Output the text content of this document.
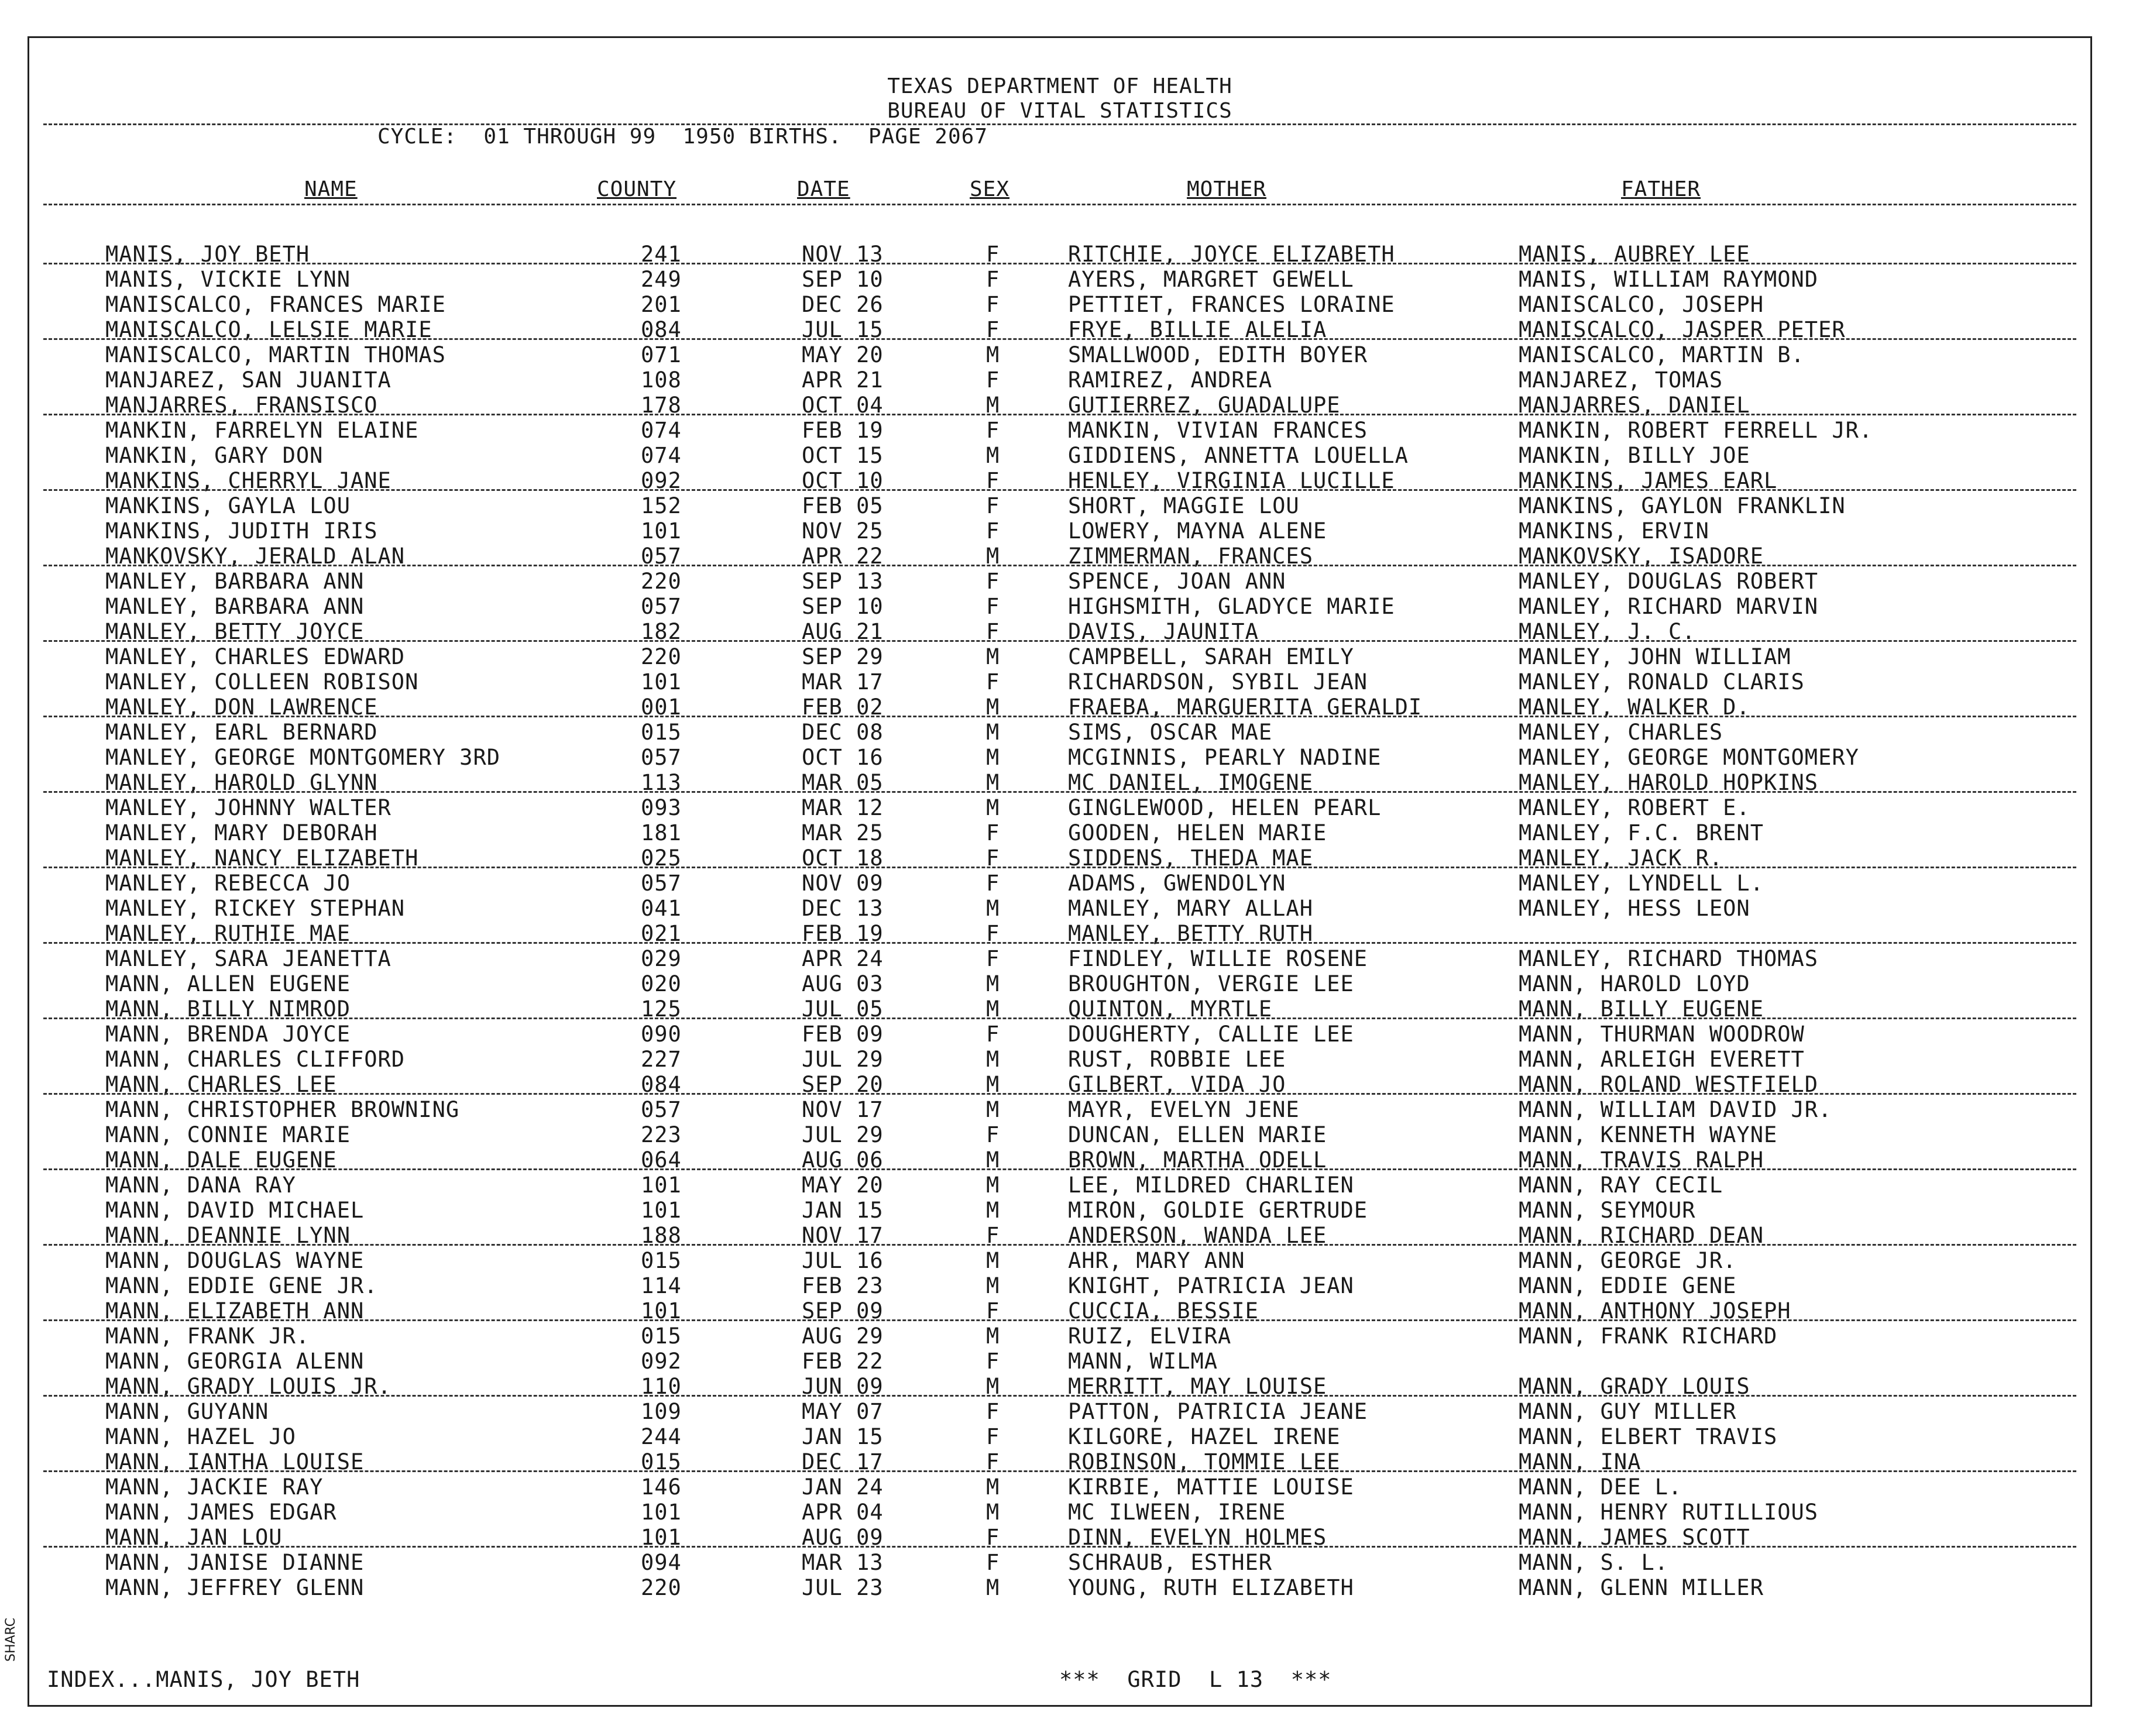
TEXAS DEPARTMENT OF HEALTH
BUREAU OF VITAL STATISTICS
CYCLE:  01 THROUGH 99  1950 BIRTHS.  PAGE 2067
NAME	COUNTY	DATE	SEX	MOTHER	FATHER
MANIS, JOY BETH	241	NOV 13	F	RITCHIE, JOYCE ELIZABETH	MANIS, AUBREY LEE
MANIS, VICKIE LYNN	249	SEP 10	F	AYERS, MARGRET GEWELL	MANIS, WILLIAM RAYMOND
MANISCALCO, FRANCES MARIE	201	DEC 26	F	PETTIET, FRANCES LORAINE	MANISCALCO, JOSEPH
MANISCALCO, LELSIE MARIE	084	JUL 15	F	FRYE, BILLIE ALELIA	MANISCALCO, JASPER PETER
MANISCALCO, MARTIN THOMAS	071	MAY 20	M	SMALLWOOD, EDITH BOYER	MANISCALCO, MARTIN B.
MANJAREZ, SAN JUANITA	108	APR 21	F	RAMIREZ, ANDREA	MANJAREZ, TOMAS
MANJARRES, FRANSISCO	178	OCT 04	M	GUTIERREZ, GUADALUPE	MANJARRES, DANIEL
MANKIN, FARRELYN ELAINE	074	FEB 19	F	MANKIN, VIVIAN FRANCES	MANKIN, ROBERT FERRELL JR.
MANKIN, GARY DON	074	OCT 15	M	GIDDIENS, ANNETTA LOUELLA	MANKIN, BILLY JOE
MANKINS, CHERRYL JANE	092	OCT 10	F	HENLEY, VIRGINIA LUCILLE	MANKINS, JAMES EARL
MANKINS, GAYLA LOU	152	FEB 05	F	SHORT, MAGGIE LOU	MANKINS, GAYLON FRANKLIN
MANKINS, JUDITH IRIS	101	NOV 25	F	LOWERY, MAYNA ALENE	MANKINS, ERVIN
MANKOVSKY, JERALD ALAN	057	APR 22	M	ZIMMERMAN, FRANCES	MANKOVSKY, ISADORE
MANLEY, BARBARA ANN	220	SEP 13	F	SPENCE, JOAN ANN	MANLEY, DOUGLAS ROBERT
MANLEY, BARBARA ANN	057	SEP 10	F	HIGHSMITH, GLADYCE MARIE	MANLEY, RICHARD MARVIN
MANLEY, BETTY JOYCE	182	AUG 21	F	DAVIS, JAUNITA	MANLEY, J. C.
MANLEY, CHARLES EDWARD	220	SEP 29	M	CAMPBELL, SARAH EMILY	MANLEY, JOHN WILLIAM
MANLEY, COLLEEN ROBISON	101	MAR 17	F	RICHARDSON, SYBIL JEAN	MANLEY, RONALD CLARIS
MANLEY, DON LAWRENCE	001	FEB 02	M	FRAEBA, MARGUERITA GERALDI	MANLEY, WALKER D.
MANLEY, EARL BERNARD	015	DEC 08	M	SIMS, OSCAR MAE	MANLEY, CHARLES
MANLEY, GEORGE MONTGOMERY 3RD	057	OCT 16	M	MCGINNIS, PEARLY NADINE	MANLEY, GEORGE MONTGOMERY
MANLEY, HAROLD GLYNN	113	MAR 05	M	MC DANIEL, IMOGENE	MANLEY, HAROLD HOPKINS
MANLEY, JOHNNY WALTER	093	MAR 12	M	GINGLEWOOD, HELEN PEARL	MANLEY, ROBERT E.
MANLEY, MARY DEBORAH	181	MAR 25	F	GOODEN, HELEN MARIE	MANLEY, F.C. BRENT
MANLEY, NANCY ELIZABETH	025	OCT 18	F	SIDDENS, THEDA MAE	MANLEY, JACK R.
MANLEY, REBECCA JO	057	NOV 09	F	ADAMS, GWENDOLYN	MANLEY, LYNDELL L.
MANLEY, RICKEY STEPHAN	041	DEC 13	M	MANLEY, MARY ALLAH	MANLEY, HESS LEON
MANLEY, RUTHIE MAE	021	FEB 19	F	MANLEY, BETTY RUTH
MANLEY, SARA JEANETTA	029	APR 24	F	FINDLEY, WILLIE ROSENE	MANLEY, RICHARD THOMAS
MANN, ALLEN EUGENE	020	AUG 03	M	BROUGHTON, VERGIE LEE	MANN, HAROLD LOYD
MANN, BILLY NIMROD	125	JUL 05	M	QUINTON, MYRTLE	MANN, BILLY EUGENE
MANN, BRENDA JOYCE	090	FEB 09	F	DOUGHERTY, CALLIE LEE	MANN, THURMAN WOODROW
MANN, CHARLES CLIFFORD	227	JUL 29	M	RUST, ROBBIE LEE	MANN, ARLEIGH EVERETT
MANN, CHARLES LEE	084	SEP 20	M	GILBERT, VIDA JO	MANN, ROLAND WESTFIELD
MANN, CHRISTOPHER BROWNING	057	NOV 17	M	MAYR, EVELYN JENE	MANN, WILLIAM DAVID JR.
MANN, CONNIE MARIE	223	JUL 29	F	DUNCAN, ELLEN MARIE	MANN, KENNETH WAYNE
MANN, DALE EUGENE	064	AUG 06	M	BROWN, MARTHA ODELL	MANN, TRAVIS RALPH
MANN, DANA RAY	101	MAY 20	M	LEE, MILDRED CHARLIEN	MANN, RAY CECIL
MANN, DAVID MICHAEL	101	JAN 15	M	MIRON, GOLDIE GERTRUDE	MANN, SEYMOUR
MANN, DEANNIE LYNN	188	NOV 17	F	ANDERSON, WANDA LEE	MANN, RICHARD DEAN
MANN, DOUGLAS WAYNE	015	JUL 16	M	AHR, MARY ANN	MANN, GEORGE JR.
MANN, EDDIE GENE JR.	114	FEB 23	M	KNIGHT, PATRICIA JEAN	MANN, EDDIE GENE
MANN, ELIZABETH ANN	101	SEP 09	F	CUCCIA, BESSIE	MANN, ANTHONY JOSEPH
MANN, FRANK JR.	015	AUG 29	M	RUIZ, ELVIRA	MANN, FRANK RICHARD
MANN, GEORGIA ALENN	092	FEB 22	F	MANN, WILMA
MANN, GRADY LOUIS JR.	110	JUN 09	M	MERRITT, MAY LOUISE	MANN, GRADY LOUIS
MANN, GUYANN	109	MAY 07	F	PATTON, PATRICIA JEANE	MANN, GUY MILLER
MANN, HAZEL JO	244	JAN 15	F	KILGORE, HAZEL IRENE	MANN, ELBERT TRAVIS
MANN, IANTHA LOUISE	015	DEC 17	F	ROBINSON, TOMMIE LEE	MANN, INA
MANN, JACKIE RAY	146	JAN 24	M	KIRBIE, MATTIE LOUISE	MANN, DEE L.
MANN, JAMES EDGAR	101	APR 04	M	MC ILWEEN, IRENE	MANN, HENRY RUTILLIOUS
MANN, JAN LOU	101	AUG 09	F	DINN, EVELYN HOLMES	MANN, JAMES SCOTT
MANN, JANISE DIANNE	094	MAR 13	F	SCHRAUB, ESTHER	MANN, S. L.
MANN, JEFFREY GLENN	220	JUL 23	M	YOUNG, RUTH ELIZABETH	MANN, GLENN MILLER
INDEX...MANIS, JOY BETH	***  GRID  L 13  ***
SHARC
